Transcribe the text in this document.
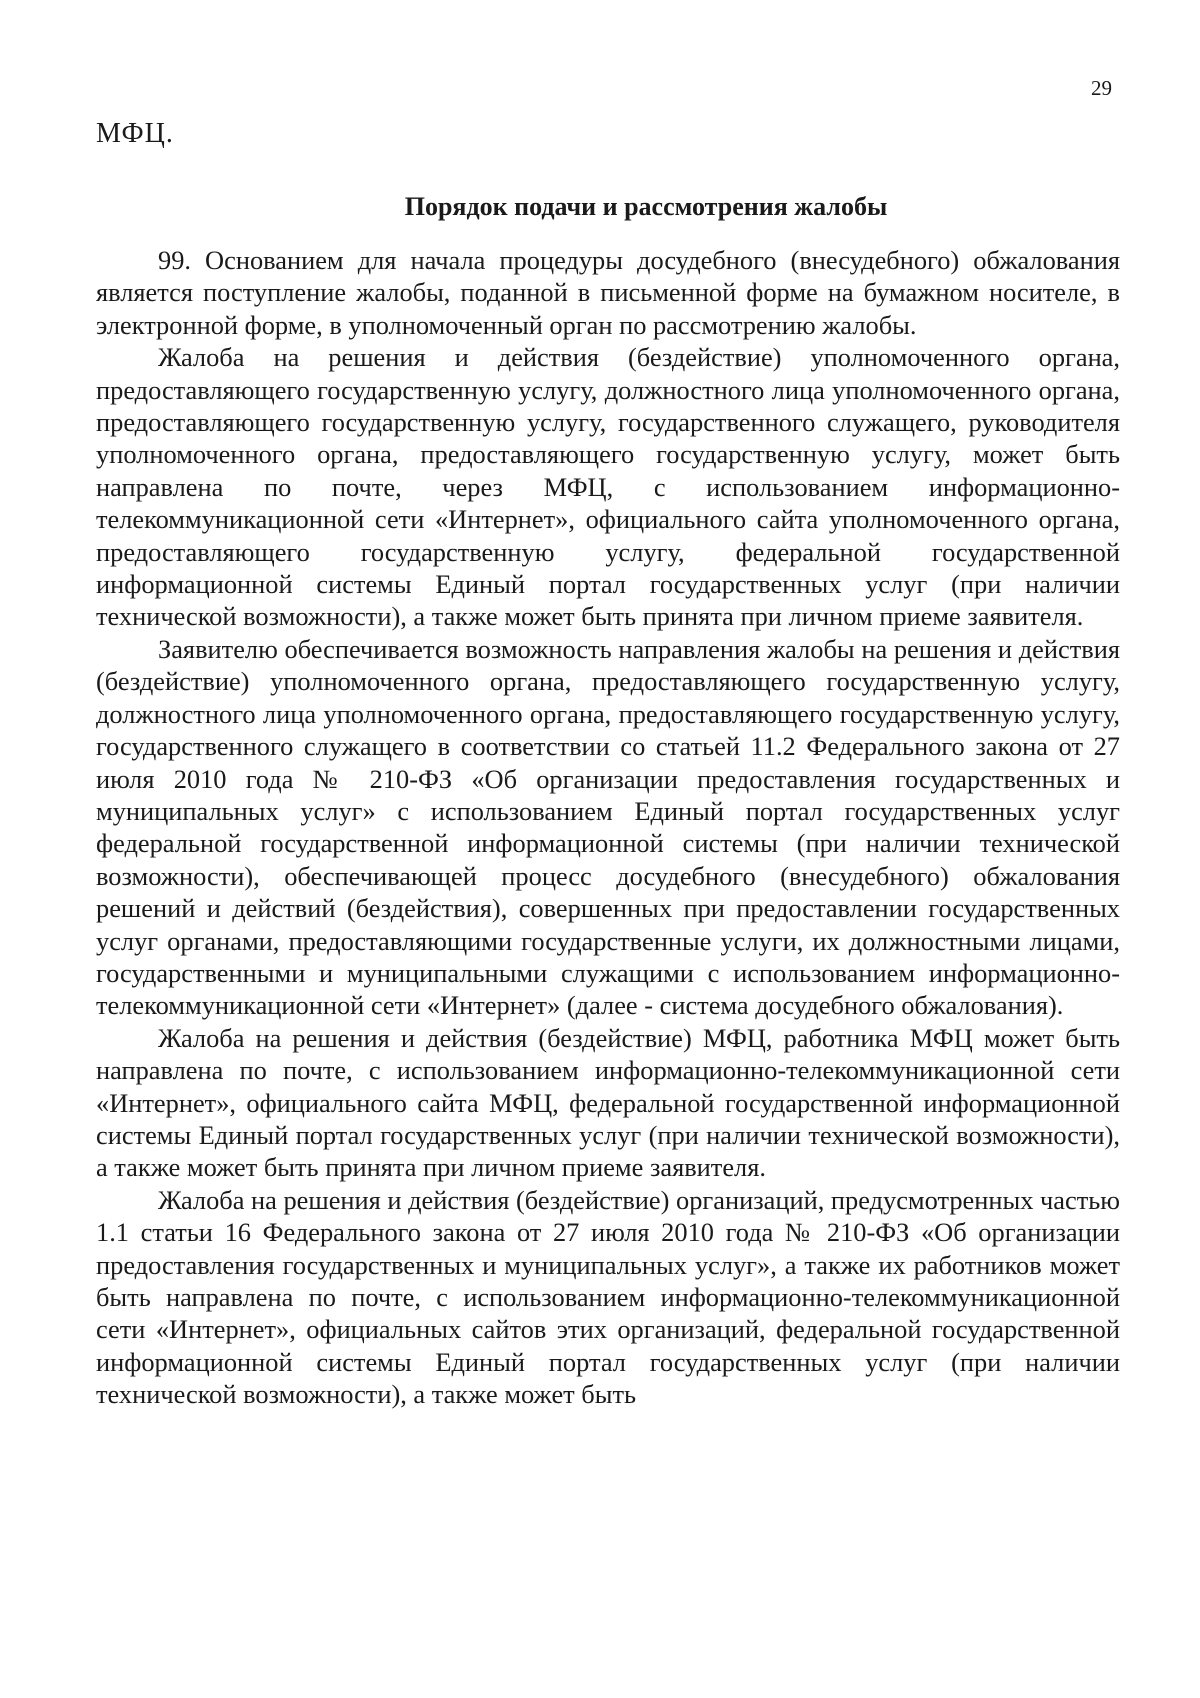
29
МФЦ.
Порядок подачи и рассмотрения жалобы

99. Основанием для начала процедуры досудебного (внесудебного) обжалования является поступление жалобы, поданной в письменной форме на бумажном носителе, в электронной форме, в уполномоченный орган по рассмотрению жалобы.

Жалоба на решения и действия (бездействие) уполномоченного органа, предоставляющего государственную услугу, должностного лица уполномоченного органа, предоставляющего государственную услугу, государственного служащего, руководителя уполномоченного органа, предоставляющего государственную услугу, может быть направлена по почте, через МФЦ, с использованием информационно-телекоммуникационной сети «Интернет», официального сайта уполномоченного органа, предоставляющего государственную услугу, федеральной государственной информационной системы Единый портал государственных услуг (при наличии технической возможности), а также может быть принята при личном приеме заявителя.

Заявителю обеспечивается возможность направления жалобы на решения и действия (бездействие) уполномоченного органа, предоставляющего государственную услугу, должностного лица уполномоченного органа, предоставляющего государственную услугу, государственного служащего в соответствии со статьей 11.2 Федерального закона от 27 июля 2010 года № 210-ФЗ «Об организации предоставления государственных и муниципальных услуг» с использованием Единый портал государственных услуг федеральной государственной информационной системы (при наличии технической возможности), обеспечивающей процесс досудебного (внесудебного) обжалования решений и действий (бездействия), совершенных при предоставлении государственных услуг органами, предоставляющими государственные услуги, их должностными лицами, государственными и муниципальными служащими с использованием информационно-телекоммуникационной сети «Интернет» (далее - система досудебного обжалования).

Жалоба на решения и действия (бездействие) МФЦ, работника МФЦ может быть направлена по почте, с использованием информационно-телекоммуникационной сети «Интернет», официального сайта МФЦ, федеральной государственной информационной системы Единый портал государственных услуг (при наличии технической возможности), а также может быть принята при личном приеме заявителя.

Жалоба на решения и действия (бездействие) организаций, предусмотренных частью 1.1 статьи 16 Федерального закона от 27 июля 2010 года № 210-ФЗ «Об организации предоставления государственных и муниципальных услуг», а также их работников может быть направлена по почте, с использованием информационно-телекоммуникационной сети «Интернет», официальных сайтов этих организаций, федеральной государственной информационной системы Единый портал государственных услуг (при наличии технической возможности), а также может быть
